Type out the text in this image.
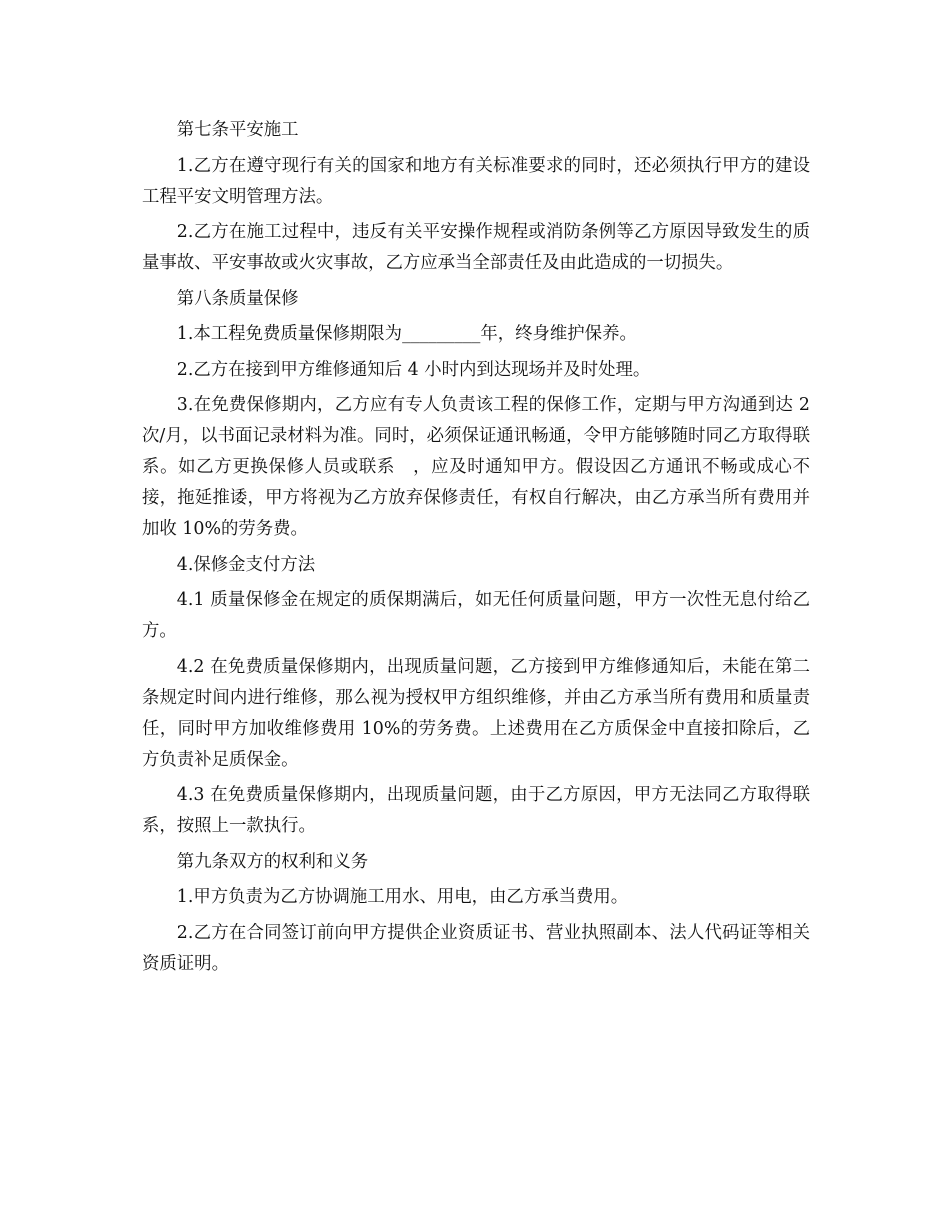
第七条平安施工

1.乙方在遵守现行有关的国家和地方有关标准要求的同时，还必须执行甲方的建设工程平安文明管理方法。

2.乙方在施工过程中，违反有关平安操作规程或消防条例等乙方原因导致发生的质量事故、平安事故或火灾事故，乙方应承当全部责任及由此造成的一切损失。

第八条质量保修

1.本工程免费质量保修期限为_________年，终身维护保养。

2.乙方在接到甲方维修通知后 4 小时内到达现场并及时处理。

3.在免费保修期内，乙方应有专人负责该工程的保修工作，定期与甲方沟通到达 2 次/月，以书面记录材料为准。同时，必须保证通讯畅通，令甲方能够随时同乙方取得联系。如乙方更换保修人员或联系　，应及时通知甲方。假设因乙方通讯不畅或成心不接，拖延推诿，甲方将视为乙方放弃保修责任，有权自行解决，由乙方承当所有费用并加收 10%的劳务费。

4.保修金支付方法

4.1 质量保修金在规定的质保期满后，如无任何质量问题，甲方一次性无息付给乙方。

4.2 在免费质量保修期内，出现质量问题，乙方接到甲方维修通知后，未能在第二条规定时间内进行维修，那么视为授权甲方组织维修，并由乙方承当所有费用和质量责任，同时甲方加收维修费用 10%的劳务费。上述费用在乙方质保金中直接扣除后，乙方负责补足质保金。

4.3 在免费质量保修期内，出现质量问题，由于乙方原因，甲方无法同乙方取得联系，按照上一款执行。

第九条双方的权利和义务

1.甲方负责为乙方协调施工用水、用电，由乙方承当费用。

2.乙方在合同签订前向甲方提供企业资质证书、营业执照副本、法人代码证等相关资质证明。
